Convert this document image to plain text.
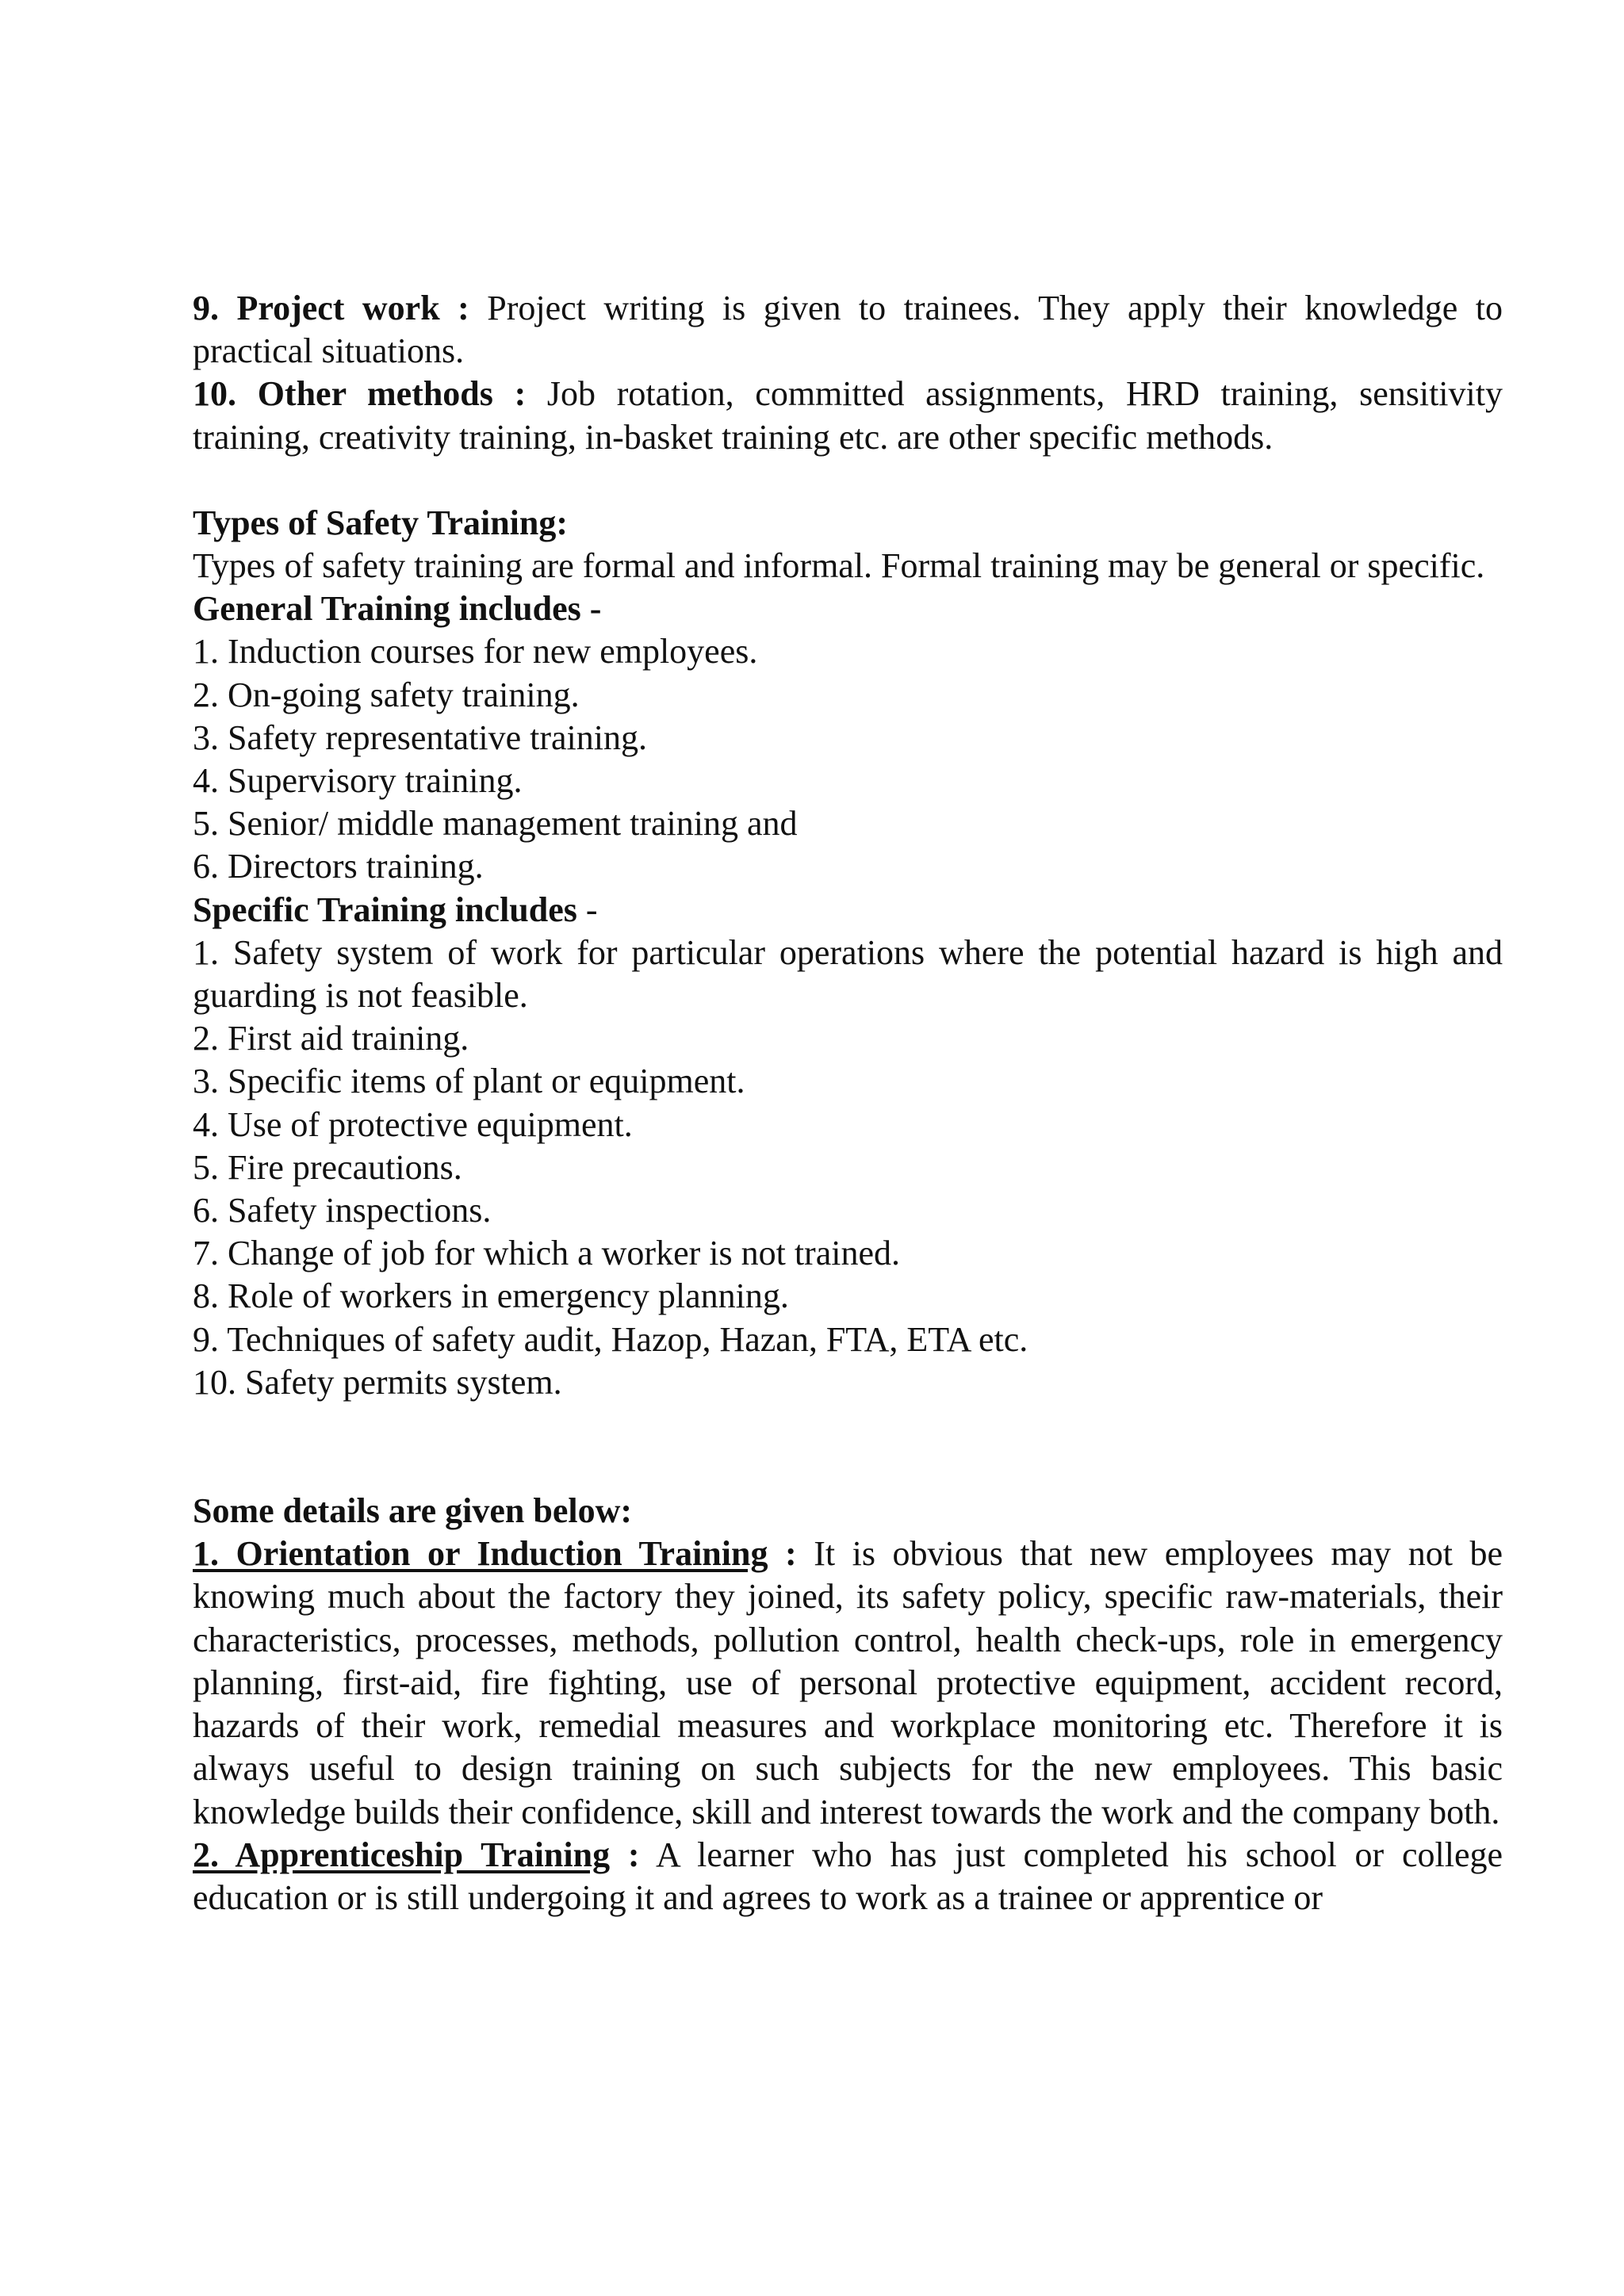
9. Project work : Project writing is given to trainees. They apply their knowledge to practical situations.

10. Other methods : Job rotation, committed assignments, HRD training, sensitivity training, creativity training, in-basket training etc. are other specific methods.

Types of Safety Training:

Types of safety training are formal and informal. Formal training may be general or specific.

General Training includes -

1. Induction courses for new employees.
2. On-going safety training.
3. Safety representative training.
4. Supervisory training.
5. Senior/ middle management training and
6. Directors training.

Specific Training includes -

1. Safety system of work for particular operations where the potential hazard is high and guarding is not feasible.
2. First aid training.
3. Specific items of plant or equipment.
4. Use of protective equipment.
5. Fire precautions.
6. Safety inspections.
7. Change of job for which a worker is not trained.
8. Role of workers in emergency planning.
9. Techniques of safety audit, Hazop, Hazan, FTA, ETA etc.
10. Safety permits system.

Some details are given below:

1. Orientation or Induction Training : It is obvious that new employees may not be knowing much about the factory they joined, its safety policy, specific raw-materials, their characteristics, processes, methods, pollution control, health check-ups, role in emergency planning, first-aid, fire fighting, use of personal protective equipment, accident record, hazards of their work, remedial measures and workplace monitoring etc. Therefore it is always useful to design training on such subjects for the new employees. This basic knowledge builds their confidence, skill and interest towards the work and the company both.

2. Apprenticeship Training : A learner who has just completed his school or college education or is still undergoing it and agrees to work as a trainee or apprentice or
